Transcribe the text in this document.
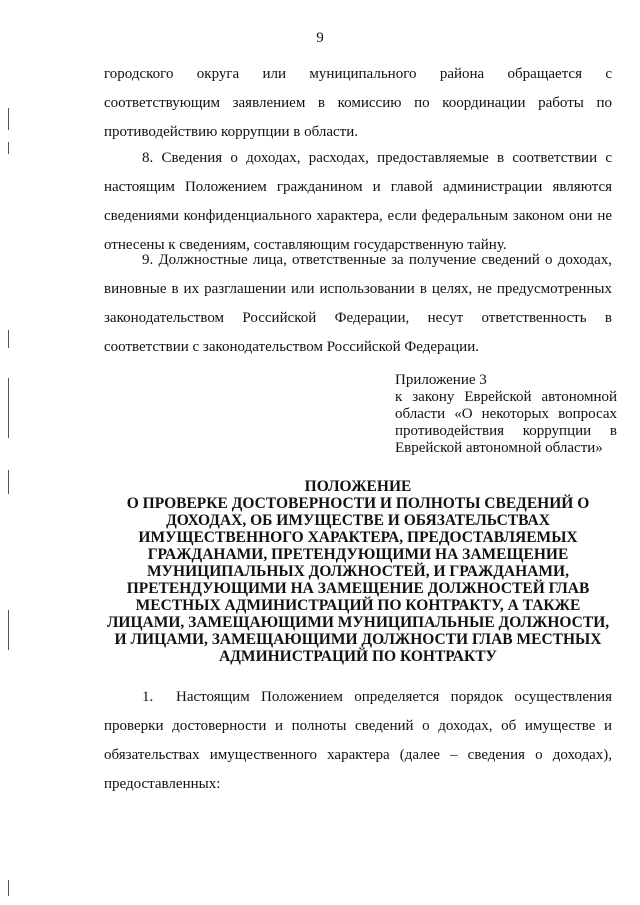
9
городского округа или муниципального района обращается с соответствующим заявлением в комиссию по координации работы по противодействию коррупции в области.
8. Сведения о доходах, расходах, предоставляемые в соответствии с настоящим Положением гражданином и главой администрации являются сведениями конфиденциального характера, если федеральным законом они не отнесены к сведениям, составляющим государственную тайну.
9. Должностные лица, ответственные за получение сведений о доходах, виновные в их разглашении или использовании в целях, не предусмотренных законодательством Российской Федерации, несут ответственность в соответствии с законодательством Российской Федерации.
Приложение 3
к закону Еврейской автономной области «О некоторых вопросах противодействия коррупции в Еврейской автономной области»
ПОЛОЖЕНИЕ
О ПРОВЕРКЕ ДОСТОВЕРНОСТИ И ПОЛНОТЫ СВЕДЕНИЙ О ДОХОДАХ, ОБ ИМУЩЕСТВЕ И ОБЯЗАТЕЛЬСТВАХ ИМУЩЕСТВЕННОГО ХАРАКТЕРА, ПРЕДОСТАВЛЯЕМЫХ ГРАЖДАНАМИ, ПРЕТЕНДУЮЩИМИ НА ЗАМЕЩЕНИЕ МУНИЦИПАЛЬНЫХ ДОЛЖНОСТЕЙ, И ГРАЖДАНАМИ, ПРЕТЕНДУЮЩИМИ НА ЗАМЕЩЕНИЕ ДОЛЖНОСТЕЙ ГЛАВ МЕСТНЫХ АДМИНИСТРАЦИЙ ПО КОНТРАКТУ, А ТАКЖЕ ЛИЦАМИ, ЗАМЕЩАЮЩИМИ МУНИЦИПАЛЬНЫЕ ДОЛЖНОСТИ, И ЛИЦАМИ, ЗАМЕЩАЮЩИМИ ДОЛЖНОСТИ ГЛАВ МЕСТНЫХ АДМИНИСТРАЦИЙ ПО КОНТРАКТУ
1. Настоящим Положением определяется порядок осуществления проверки достоверности и полноты сведений о доходах, об имуществе и обязательствах имущественного характера (далее – сведения о доходах), предоставленных:
